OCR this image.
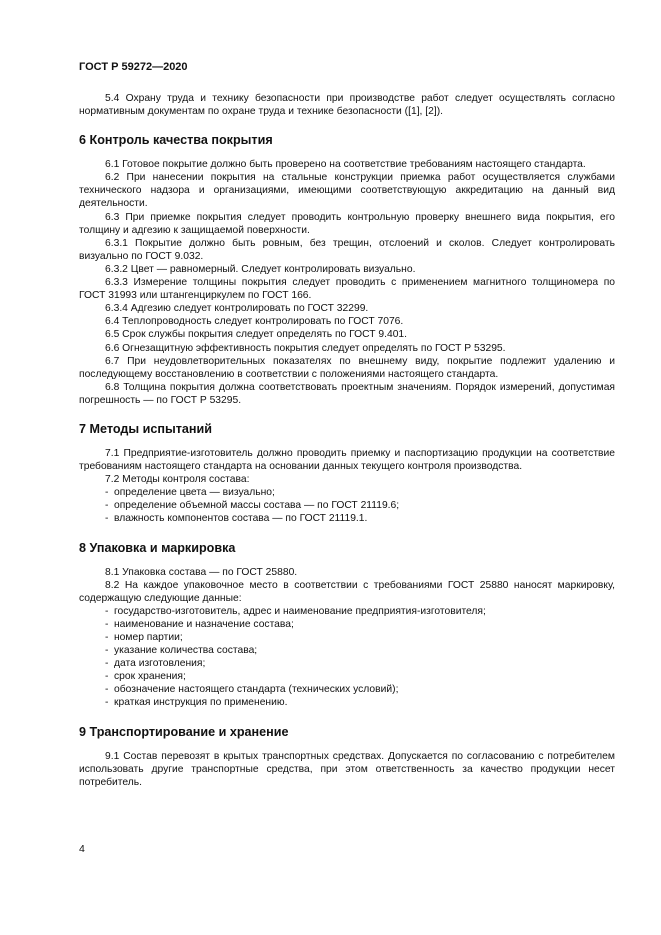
ГОСТ Р 59272—2020

5.4 Охрану труда и технику безопасности при производстве работ следует осуществлять согласно нормативным документам по охране труда и технике безопасности ([1], [2]).

6 Контроль качества покрытия

6.1 Готовое покрытие должно быть проверено на соответствие требованиям настоящего стандарта.

6.2 При нанесении покрытия на стальные конструкции приемка работ осуществляется службами технического надзора и организациями, имеющими соответствующую аккредитацию на данный вид деятельности.

6.3 При приемке покрытия следует проводить контрольную проверку внешнего вида покрытия, его толщину и адгезию к защищаемой поверхности.

6.3.1 Покрытие должно быть ровным, без трещин, отслоений и сколов. Следует контролировать визуально по ГОСТ 9.032.

6.3.2 Цвет — равномерный. Следует контролировать визуально.

6.3.3 Измерение толщины покрытия следует проводить с применением магнитного толщиномера по ГОСТ 31993 или штангенциркулем по ГОСТ 166.

6.3.4 Адгезию следует контролировать по ГОСТ 32299.

6.4 Теплопроводность следует контролировать по ГОСТ 7076.

6.5 Срок службы покрытия следует определять по ГОСТ 9.401.

6.6 Огнезащитную эффективность покрытия следует определять по ГОСТ Р 53295.

6.7 При неудовлетворительных показателях по внешнему виду, покрытие подлежит удалению и последующему восстановлению в соответствии с положениями настоящего стандарта.

6.8 Толщина покрытия должна соответствовать проектным значениям. Порядок измерений, допустимая погрешность — по ГОСТ Р 53295.

7 Методы испытаний

7.1 Предприятие-изготовитель должно проводить приемку и паспортизацию продукции на соответствие требованиям настоящего стандарта на основании данных текущего контроля производства.

7.2 Методы контроля состава:

- определение цвета — визуально;
- определение объемной массы состава — по ГОСТ 21119.6;
- влажность компонентов состава — по ГОСТ 21119.1.
8 Упаковка и маркировка

8.1 Упаковка состава — по ГОСТ 25880.

8.2 На каждое упаковочное место в соответствии с требованиями ГОСТ 25880 наносят маркировку, содержащую следующие данные:

- государство-изготовитель, адрес и наименование предприятия-изготовителя;
- наименование и назначение состава;
- номер партии;
- указание количества состава;
- дата изготовления;
- срок хранения;
- обозначение настоящего стандарта (технических условий);
- краткая инструкция по применению.
9 Транспортирование и хранение

9.1 Состав перевозят в крытых транспортных средствах. Допускается по согласованию с потребителем использовать другие транспортные средства, при этом ответственность за качество продукции несет потребитель.

4
